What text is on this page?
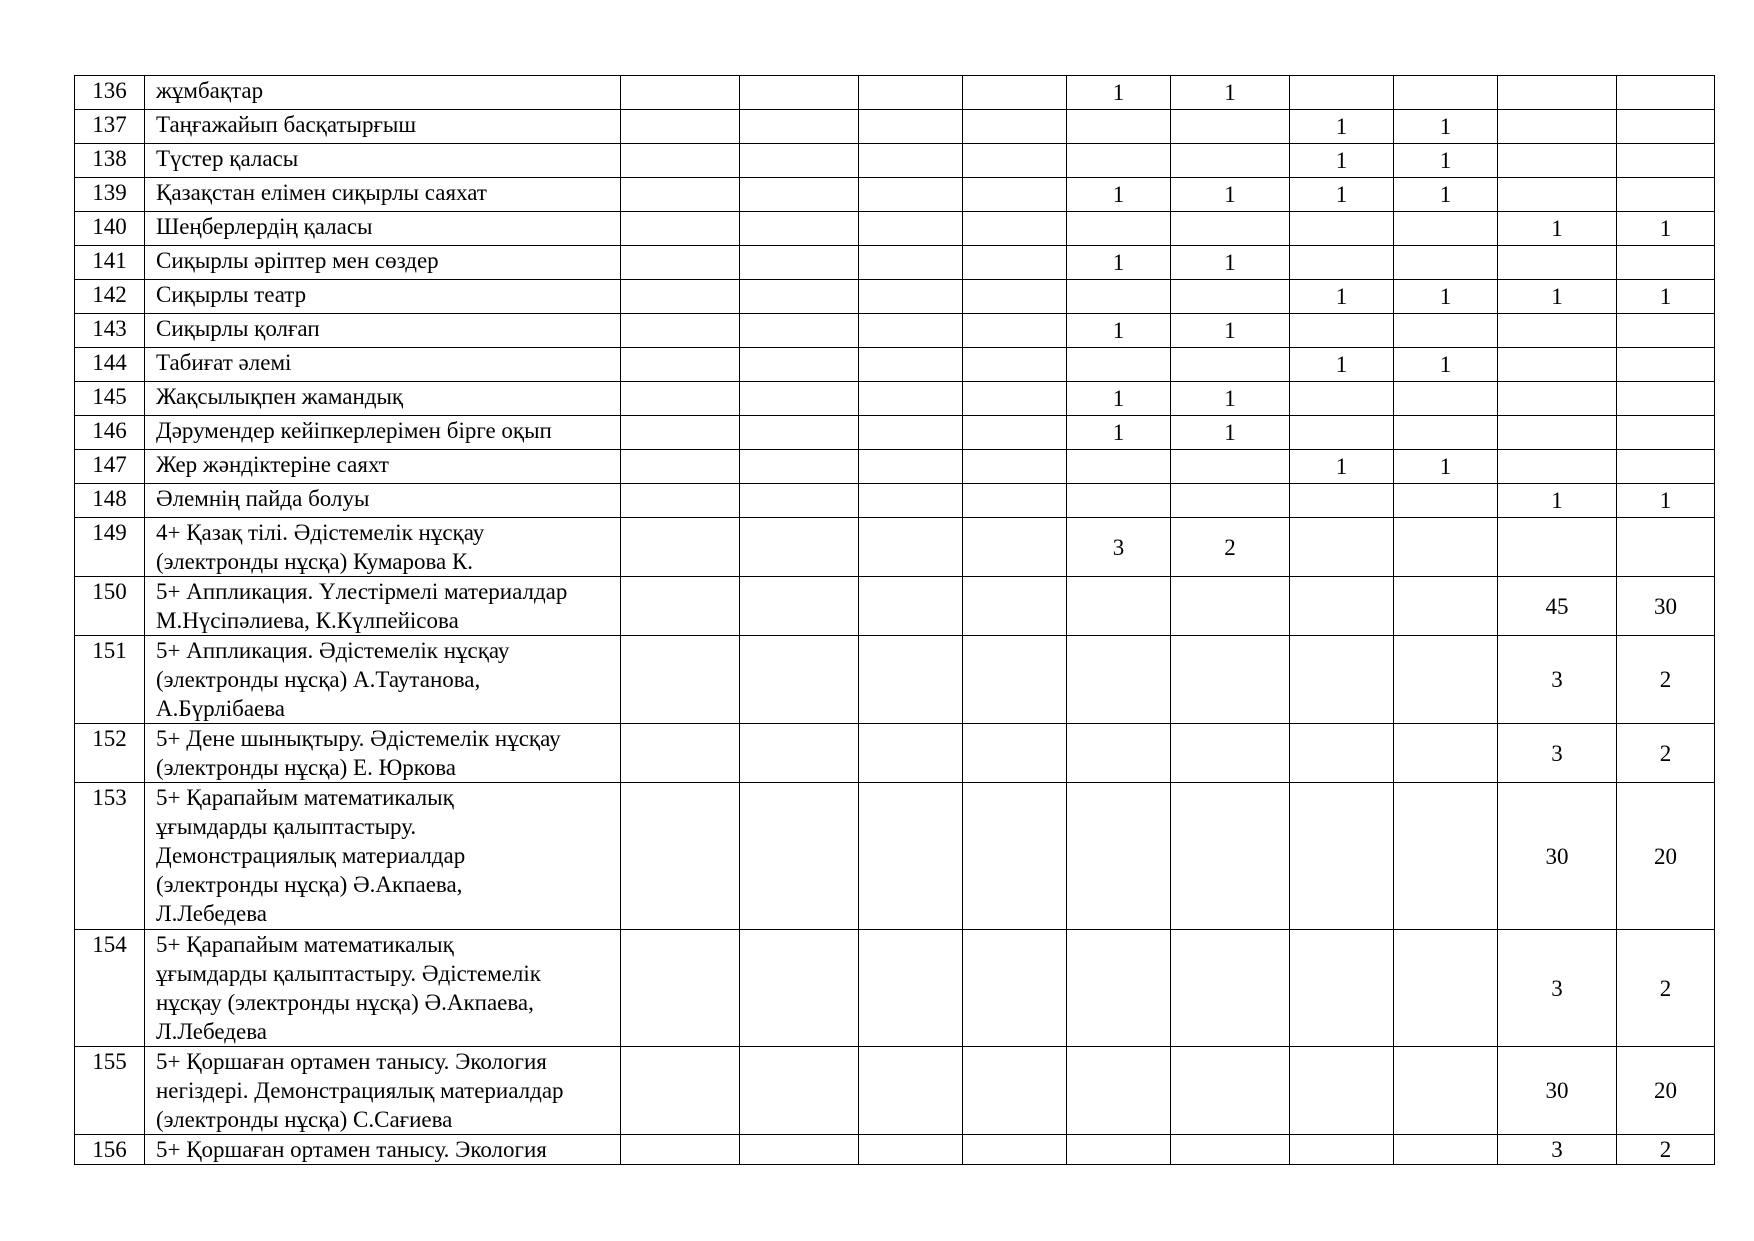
136	жұмбақтар					1	1				
137	Таңғажайып басқатырғыш							1	1		
138	Түстер қаласы							1	1		
139	Қазақстан елімен сиқырлы саяхат					1	1	1	1		
140	Шеңберлердің қаласы									1	1
141	Сиқырлы әріптер мен сөздер					1	1				
142	Сиқырлы театр							1	1	1	1
143	Сиқырлы қолғап					1	1				
144	Табиғат әлемі							1	1		
145	Жақсылықпен жамандық					1	1				
146	Дәрумендер кейіпкерлерімен бірге оқып					1	1				
147	Жер жәндіктеріне саяхт							1	1		
148	Әлемнің пайда болуы									1	1
149	4+ Қазақ тілі. Әдістемелік нұсқау
(электронды нұсқа) Кумарова К.					3	2				
150	5+ Аппликация. Үлестірмелі материалдар
М.Нүсіпәлиева, К.Күлпейісова									45	30
151	5+ Аппликация. Әдістемелік нұсқау
(электронды нұсқа) А.Таутанова,
А.Бүрлібаева									3	2
152	5+ Дене шынықтыру. Әдістемелік нұсқау
(электронды нұсқа) Е. Юркова									3	2
153	5+ Қарапайым математикалық
ұғымдарды қалыптастыру.
Демонстрациялық материалдар
(электронды нұсқа) Ә.Акпаева,
Л.Лебедева									30	20
154	5+ Қарапайым математикалық
ұғымдарды қалыптастыру. Әдістемелік
нұсқау (электронды нұсқа) Ә.Акпаева,
Л.Лебедева									3	2
155	5+ Қоршаған ортамен танысу. Экология
негіздері. Демонстрациялық материалдар
(электронды нұсқа) С.Сағиева									30	20
156	5+ Қоршаған ортамен танысу. Экология									3	2
